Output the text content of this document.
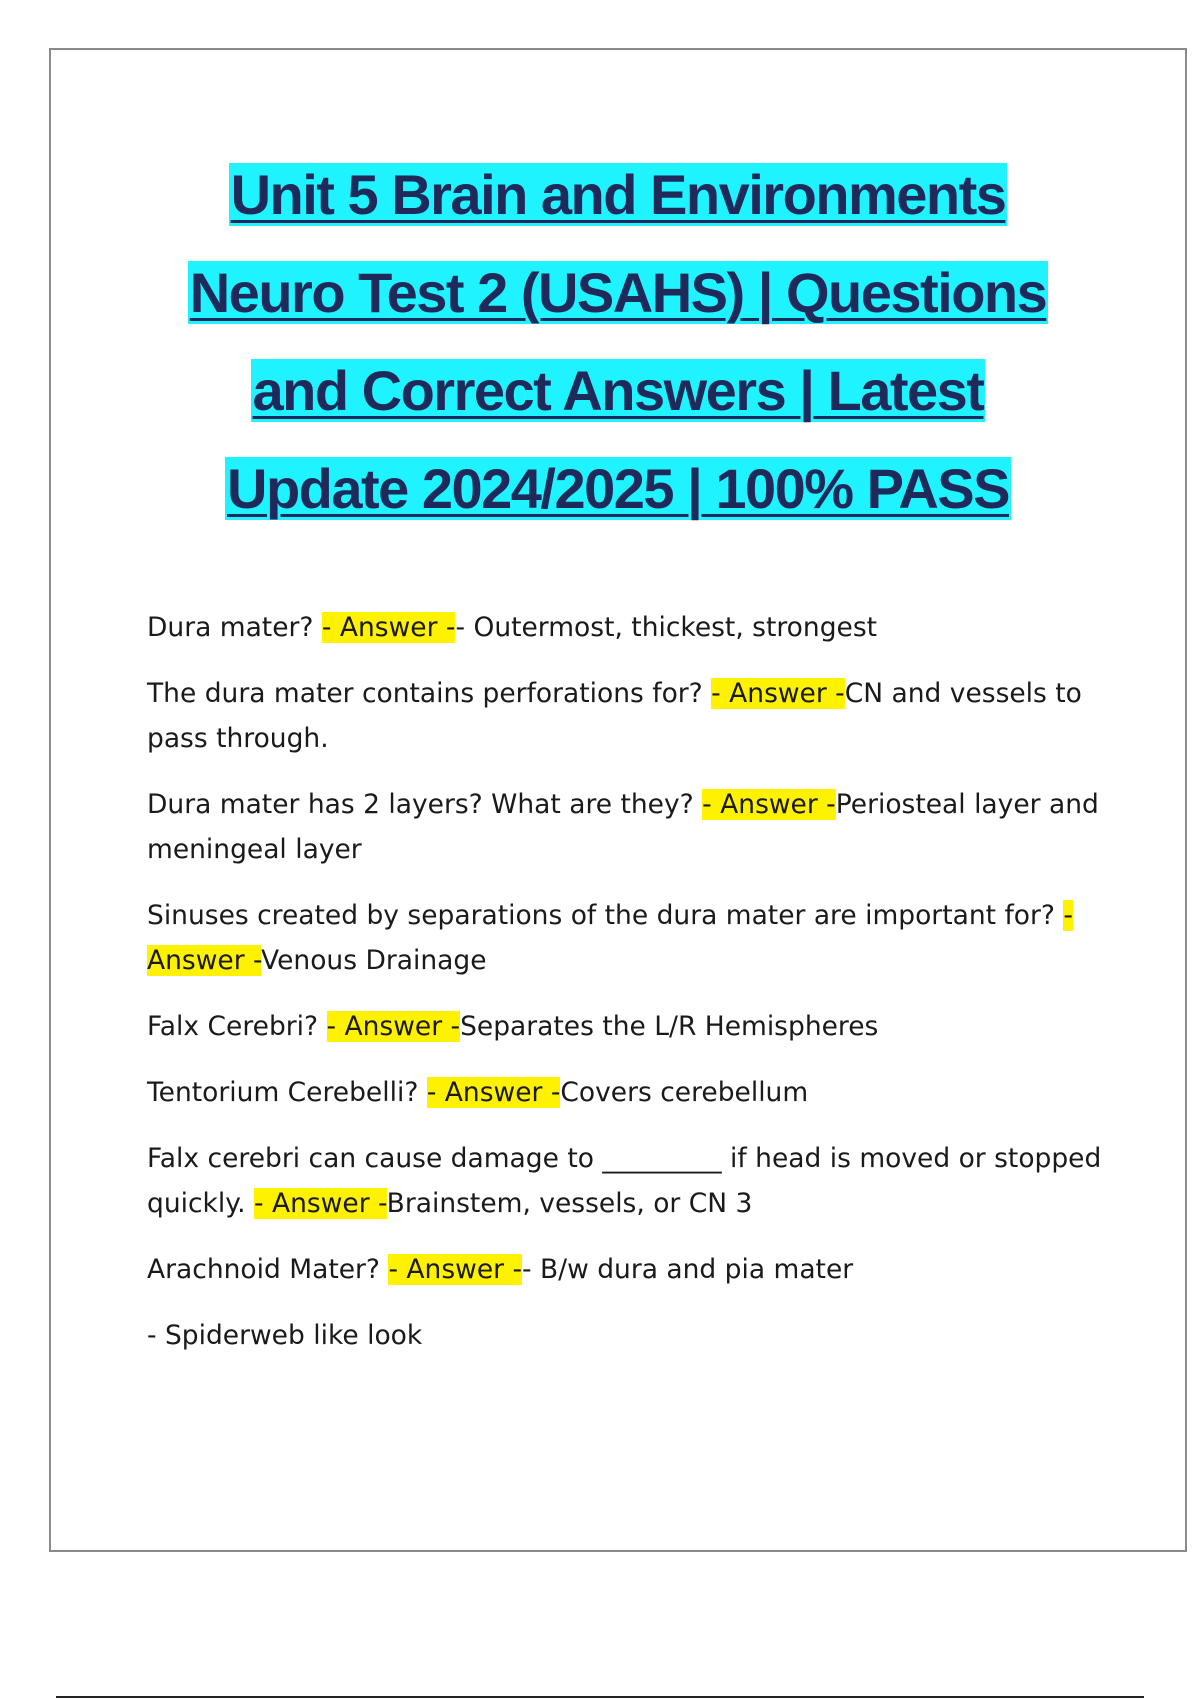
Unit 5 Brain and Environments
Neuro Test 2 (USAHS) | Questions
and Correct Answers | Latest
Update 2024/2025 | 100% PASS

Dura mater? - Answer -- Outermost, thickest, strongest

The dura mater contains perforations for? - Answer -CN and vessels to pass through.

Dura mater has 2 layers? What are they? - Answer -Periosteal layer and meningeal layer

Sinuses created by separations of the dura mater are important for? - Answer -Venous Drainage

Falx Cerebri? - Answer -Separates the L/R Hemispheres

Tentorium Cerebelli? - Answer -Covers cerebellum

Falx cerebri can cause damage to _________ if head is moved or stopped quickly. - Answer -Brainstem, vessels, or CN 3

Arachnoid Mater? - Answer -- B/w dura and pia mater

- Spiderweb like look
